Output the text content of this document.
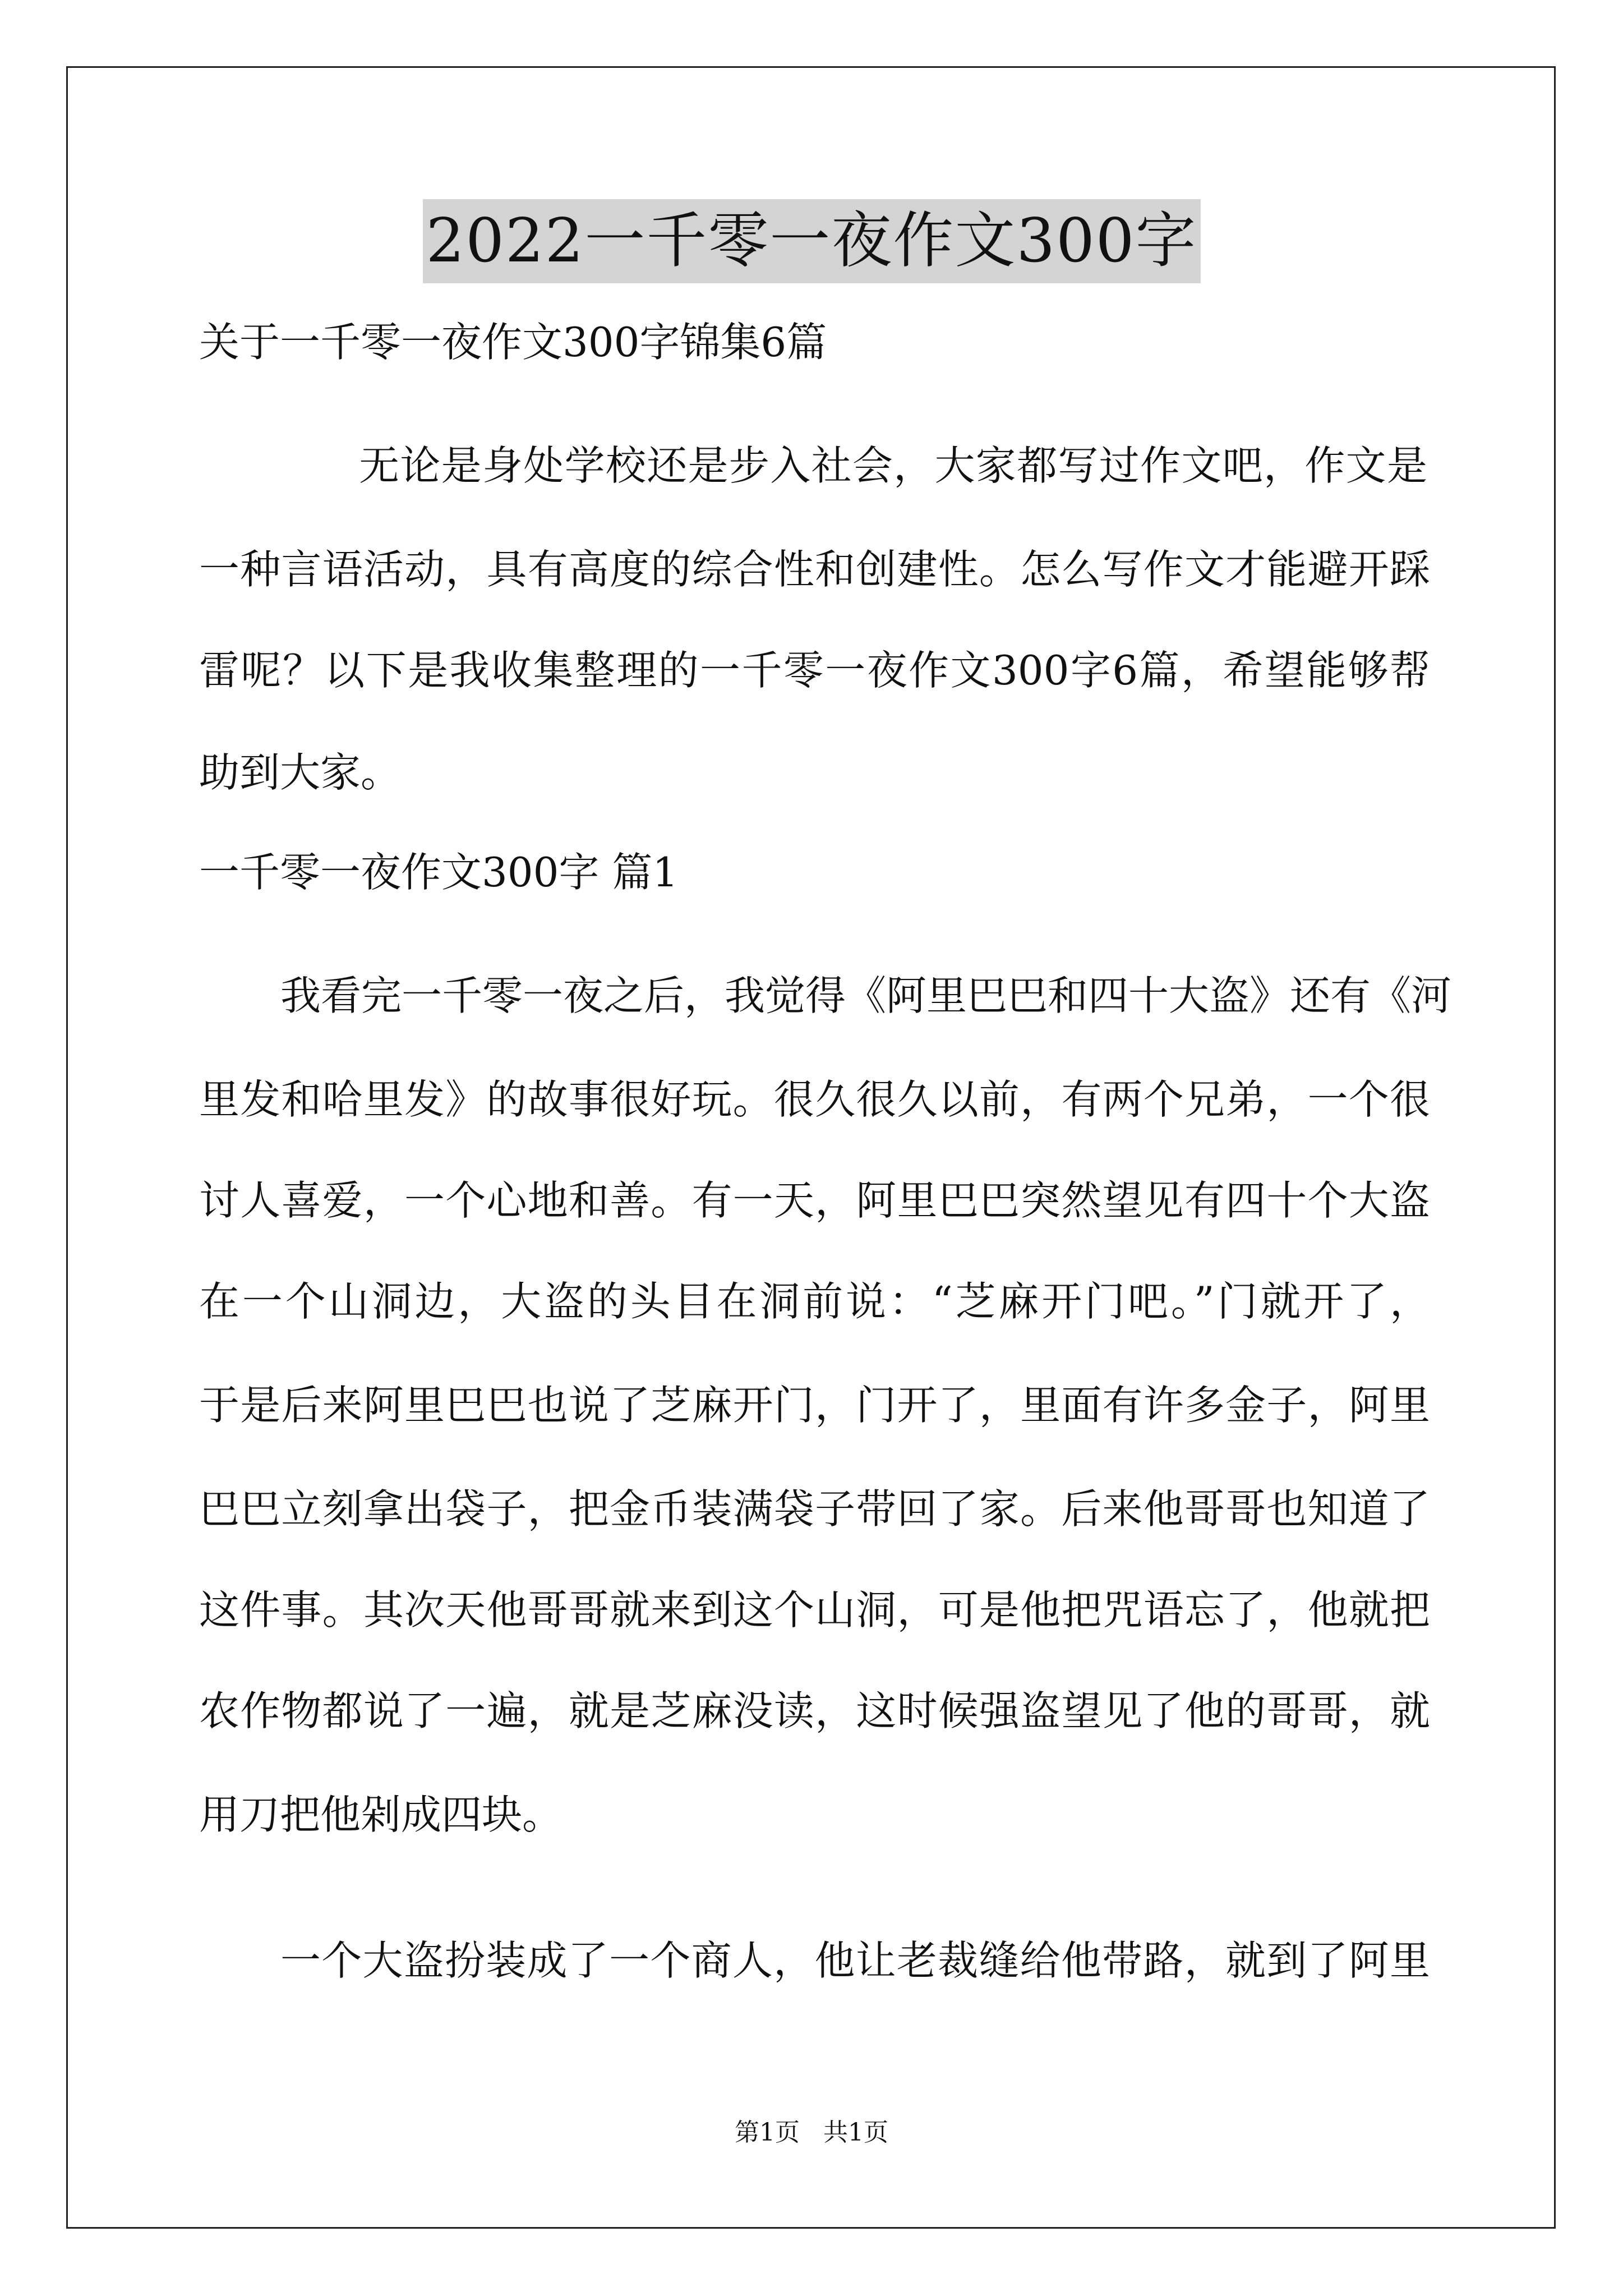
2022一千零一夜作文300字
关于一千零一夜作文300字锦集6篇
无论是身处学校还是步入社会，大家都写过作文吧，作文是
一种言语活动，具有高度的综合性和创建性。怎么写作文才能避开踩
雷呢？以下是我收集整理的一千零一夜作文300字6篇，希望能够帮
助到大家。
一千零一夜作文300字 篇1
我看完一千零一夜之后，我觉得《阿里巴巴和四十大盗》还有《河
里发和哈里发》的故事很好玩。很久很久以前，有两个兄弟，一个很
讨人喜爱，一个心地和善。有一天，阿里巴巴突然望见有四十个大盗
在一个山洞边，大盗的头目在洞前说：“芝麻开门吧。”门就开了，
于是后来阿里巴巴也说了芝麻开门，门开了，里面有许多金子，阿里
巴巴立刻拿出袋子，把金币装满袋子带回了家。后来他哥哥也知道了
这件事。其次天他哥哥就来到这个山洞，可是他把咒语忘了，他就把
农作物都说了一遍，就是芝麻没读，这时候强盗望见了他的哥哥，就
用刀把他剁成四块。
一个大盗扮装成了一个商人，他让老裁缝给他带路，就到了阿里
第1页 共1页
